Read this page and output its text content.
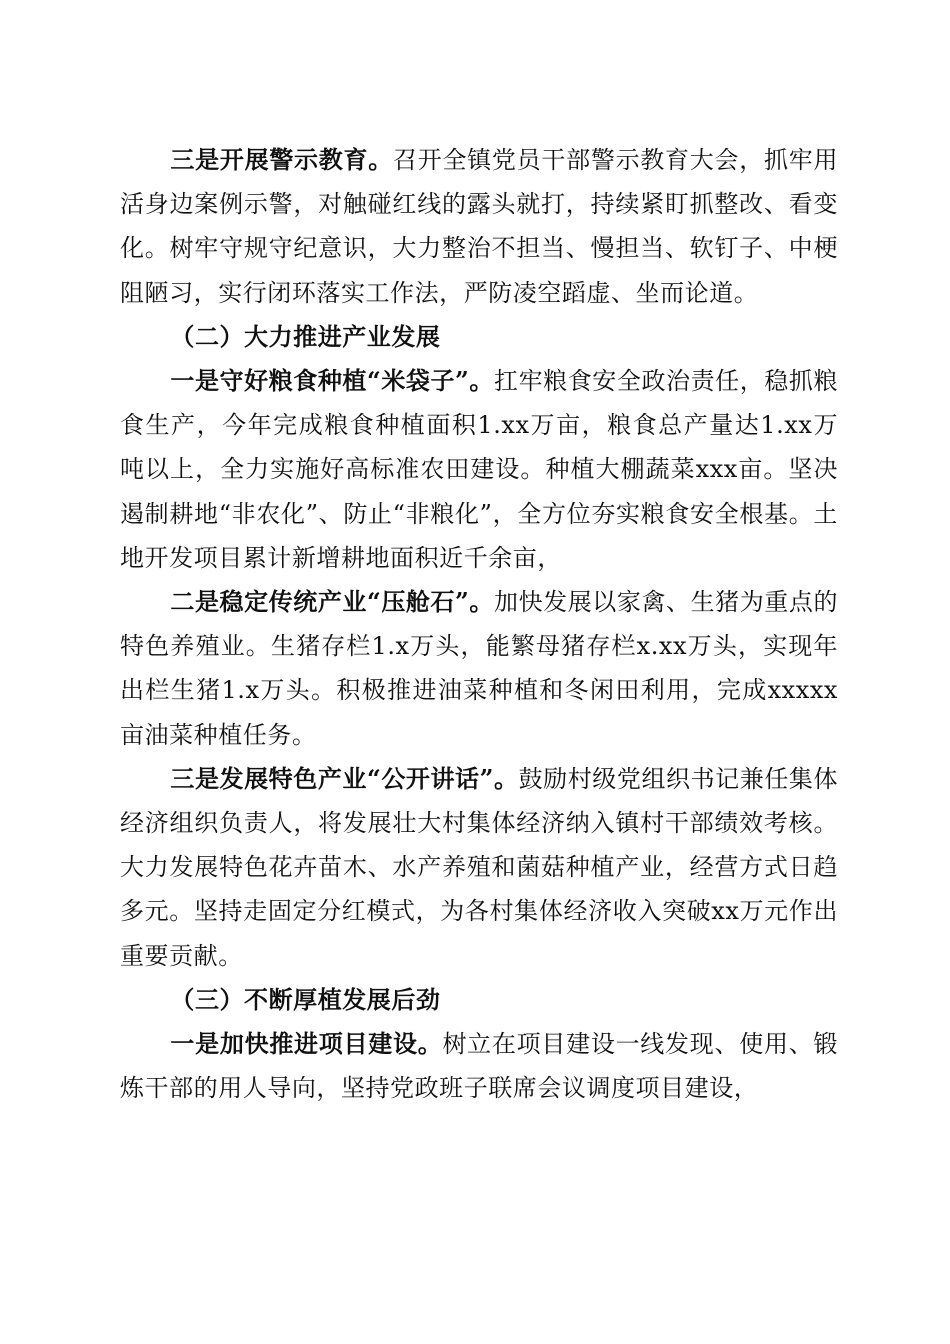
三是开展警示教育。召开全镇党员干部警示教育大会，抓牢用活身边案例示警，对触碰红线的露头就打，持续紧盯抓整改、看变化。树牢守规守纪意识，大力整治不担当、慢担当、软钉子、中梗阻陋习，实行闭环落实工作法，严防凌空蹈虚、坐而论道。

（二）大力推进产业发展

一是守好粮食种植“米袋子”。扛牢粮食安全政治责任，稳抓粮食生产，今年完成粮食种植面积1.xx万亩，粮食总产量达1.xx万吨以上，全力实施好高标准农田建设。种植大棚蔬菜xxx亩。坚决遏制耕地“非农化”、防止“非粮化”，全方位夯实粮食安全根基。土地开发项目累计新增耕地面积近千余亩，

二是稳定传统产业“压舱石”。加快发展以家禽、生猪为重点的特色养殖业。生猪存栏1.x万头，能繁母猪存栏x.xx万头，实现年出栏生猪1.x万头。积极推进油菜种植和冬闲田利用，完成xxxxx亩油菜种植任务。

三是发展特色产业“公开讲话”。鼓励村级党组织书记兼任集体经济组织负责人，将发展壮大村集体经济纳入镇村干部绩效考核。大力发展特色花卉苗木、水产养殖和菌菇种植产业，经营方式日趋多元。坚持走固定分红模式，为各村集体经济收入突破xx万元作出重要贡献。

（三）不断厚植发展后劲

一是加快推进项目建设。树立在项目建设一线发现、使用、锻炼干部的用人导向，坚持党政班子联席会议调度项目建设，
